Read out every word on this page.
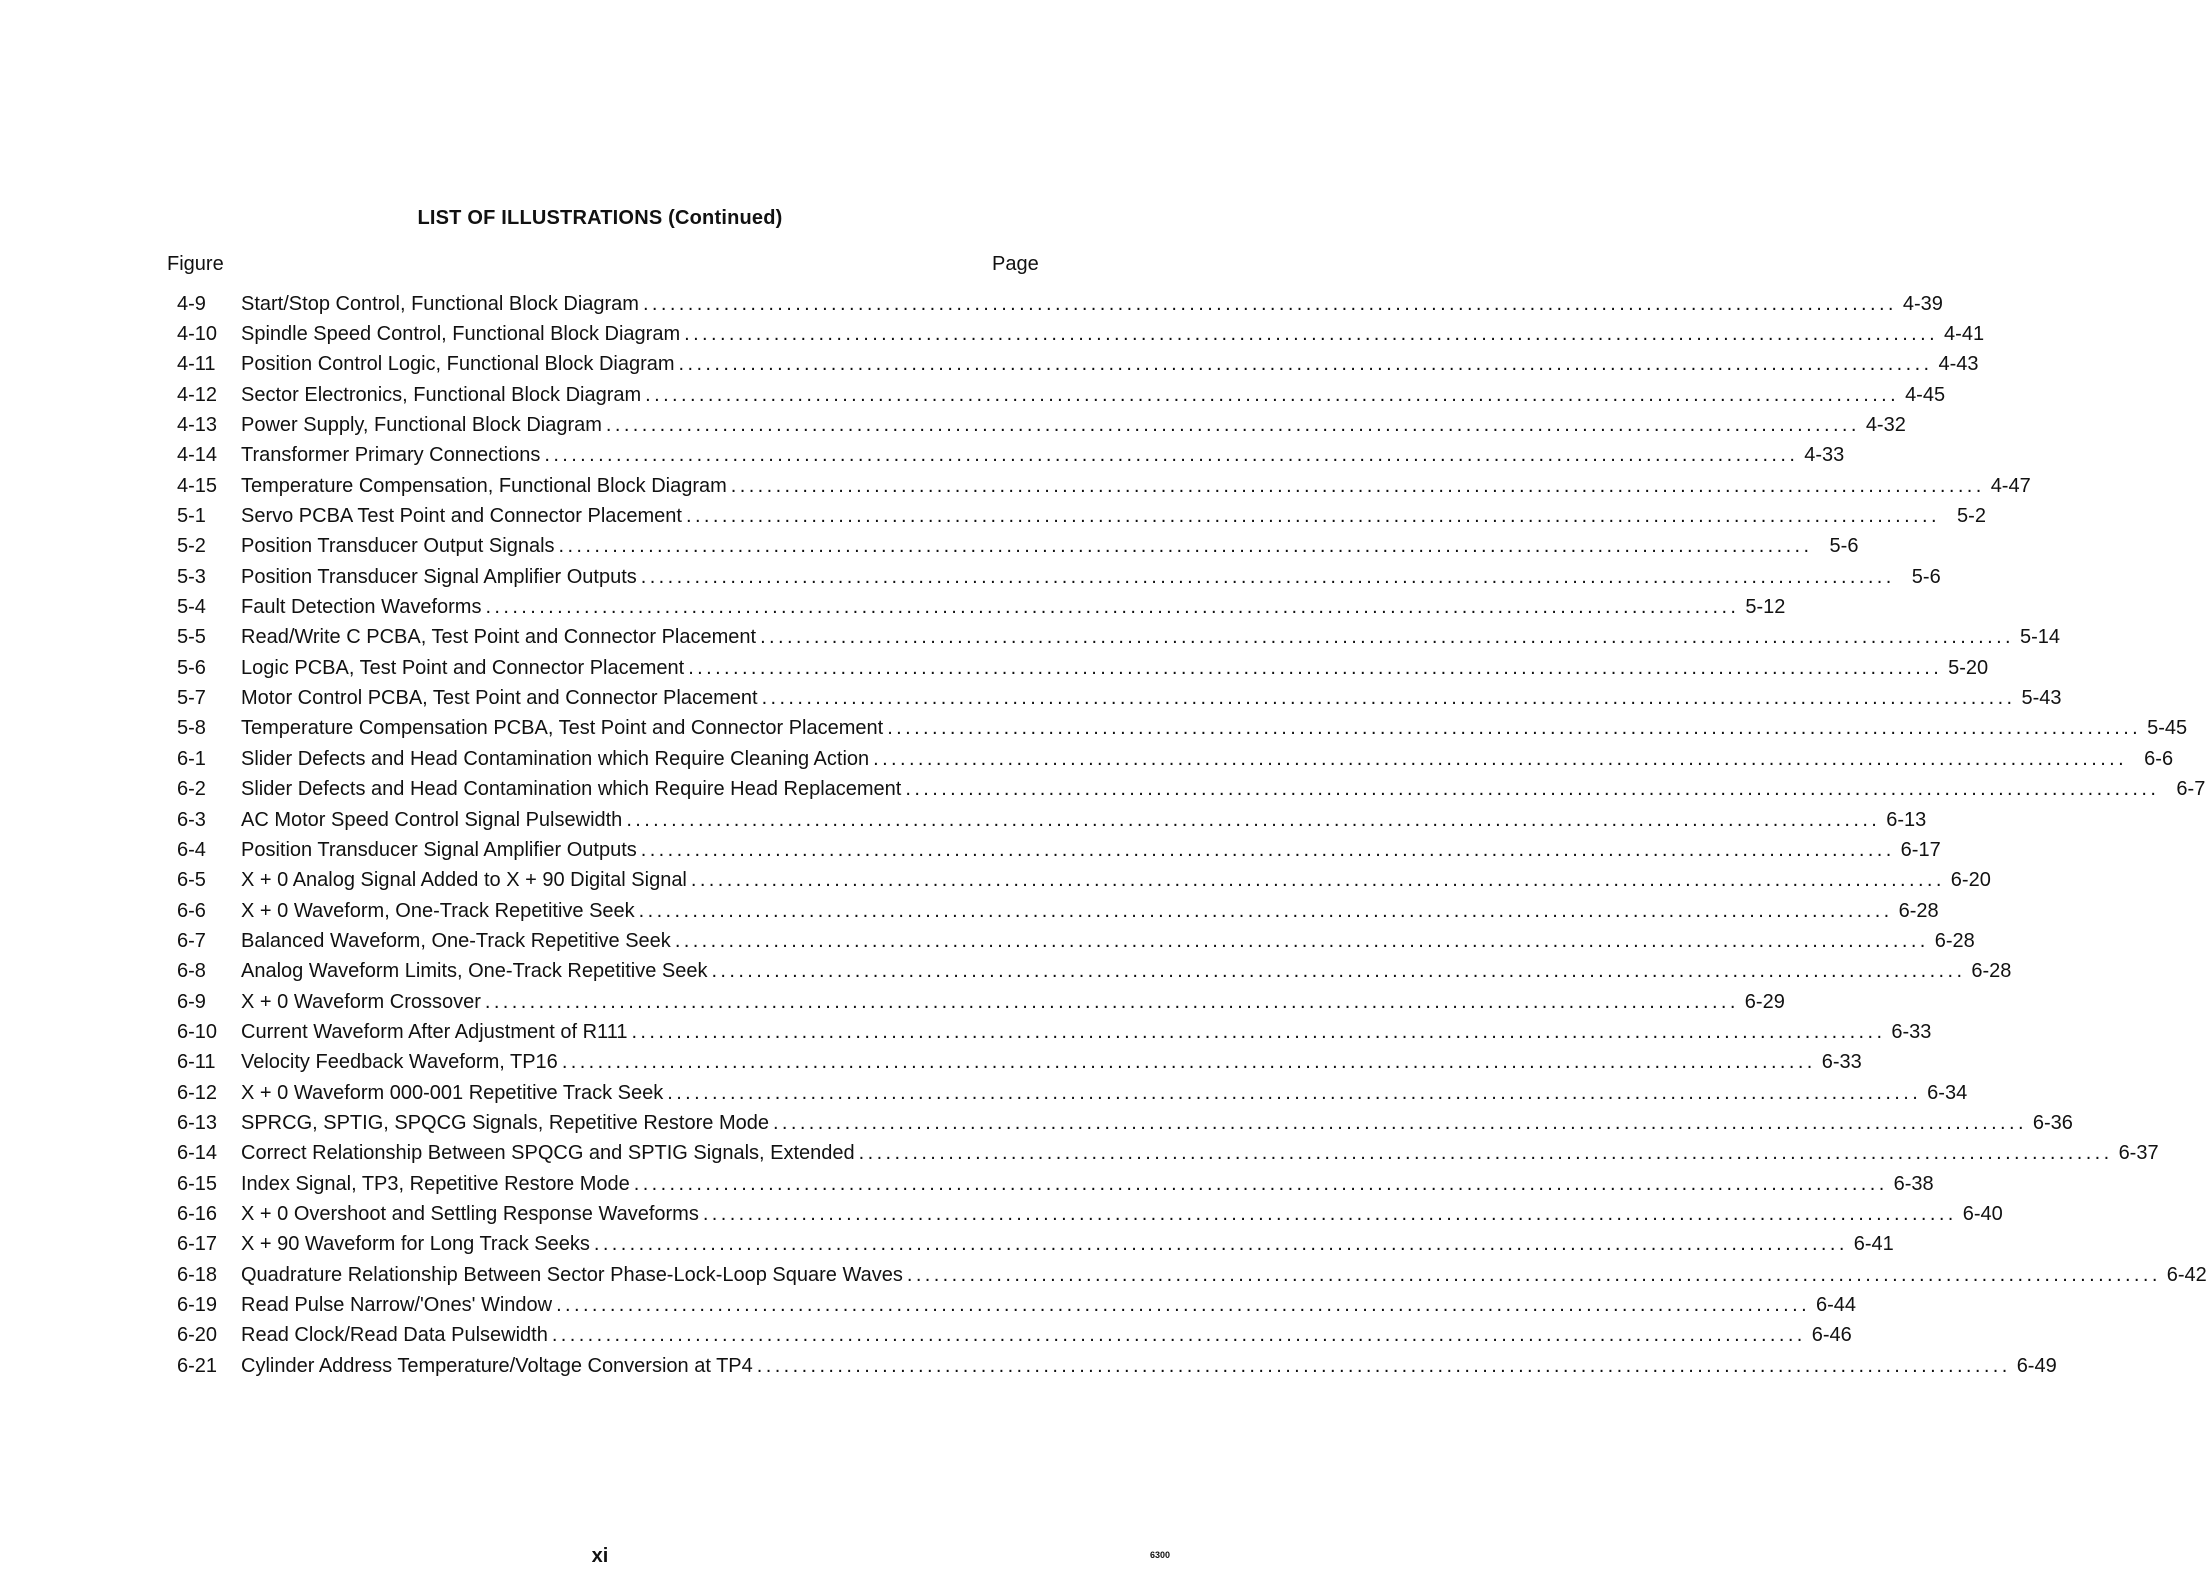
LIST OF ILLUSTRATIONS (Continued)
Figure	Page
4-9	Start/Stop Control, Functional Block Diagram ............................................................................................................................................ 4-39
4-10	Spindle Speed Control, Functional Block Diagram ............................................................................................................................................ 4-41
4-11	Position Control Logic, Functional Block Diagram ............................................................................................................................................ 4-43
4-12	Sector Electronics, Functional Block Diagram ............................................................................................................................................ 4-45
4-13	Power Supply, Functional Block Diagram ............................................................................................................................................ 4-32
4-14	Transformer Primary Connections ............................................................................................................................................ 4-33
4-15	Temperature Compensation, Functional Block Diagram ............................................................................................................................................ 4-47
5-1	Servo PCBA Test Point and Connector Placement ............................................................................................................................................ 5-2
5-2	Position Transducer Output Signals ............................................................................................................................................ 5-6
5-3	Position Transducer Signal Amplifier Outputs ............................................................................................................................................ 5-6
5-4	Fault Detection Waveforms ............................................................................................................................................ 5-12
5-5	Read/Write C PCBA, Test Point and Connector Placement ............................................................................................................................................ 5-14
5-6	Logic PCBA, Test Point and Connector Placement ............................................................................................................................................ 5-20
5-7	Motor Control PCBA, Test Point and Connector Placement ............................................................................................................................................ 5-43
5-8	Temperature Compensation PCBA, Test Point and Connector Placement ............................................................................................................................................ 5-45
6-1	Slider Defects and Head Contamination which Require Cleaning Action ............................................................................................................................................ 6-6
6-2	Slider Defects and Head Contamination which Require Head Replacement ............................................................................................................................................ 6-7
6-3	AC Motor Speed Control Signal Pulsewidth ............................................................................................................................................ 6-13
6-4	Position Transducer Signal Amplifier Outputs ............................................................................................................................................ 6-17
6-5	X + 0 Analog Signal Added to X + 90 Digital Signal ............................................................................................................................................ 6-20
6-6	X + 0 Waveform, One-Track Repetitive Seek ............................................................................................................................................ 6-28
6-7	Balanced Waveform, One-Track Repetitive Seek ............................................................................................................................................ 6-28
6-8	Analog Waveform Limits, One-Track Repetitive Seek ............................................................................................................................................ 6-28
6-9	X + 0 Waveform Crossover ............................................................................................................................................ 6-29
6-10	Current Waveform After Adjustment of R111 ............................................................................................................................................ 6-33
6-11	Velocity Feedback Waveform, TP16 ............................................................................................................................................ 6-33
6-12	X + 0 Waveform 000-001 Repetitive Track Seek ............................................................................................................................................ 6-34
6-13	SPRCG, SPTIG, SPQCG Signals, Repetitive Restore Mode ............................................................................................................................................ 6-36
6-14	Correct Relationship Between SPQCG and SPTIG Signals, Extended ............................................................................................................................................ 6-37
6-15	Index Signal, TP3, Repetitive Restore Mode ............................................................................................................................................ 6-38
6-16	X + 0 Overshoot and Settling Response Waveforms ............................................................................................................................................ 6-40
6-17	X + 90 Waveform for Long Track Seeks ............................................................................................................................................ 6-41
6-18	Quadrature Relationship Between Sector Phase-Lock-Loop Square Waves ............................................................................................................................................ 6-42
6-19	Read Pulse Narrow/'Ones' Window ............................................................................................................................................ 6-44
6-20	Read Clock/Read Data Pulsewidth ............................................................................................................................................ 6-46
6-21	Cylinder Address Temperature/Voltage Conversion at TP4 ............................................................................................................................................ 6-49
xi	6300
